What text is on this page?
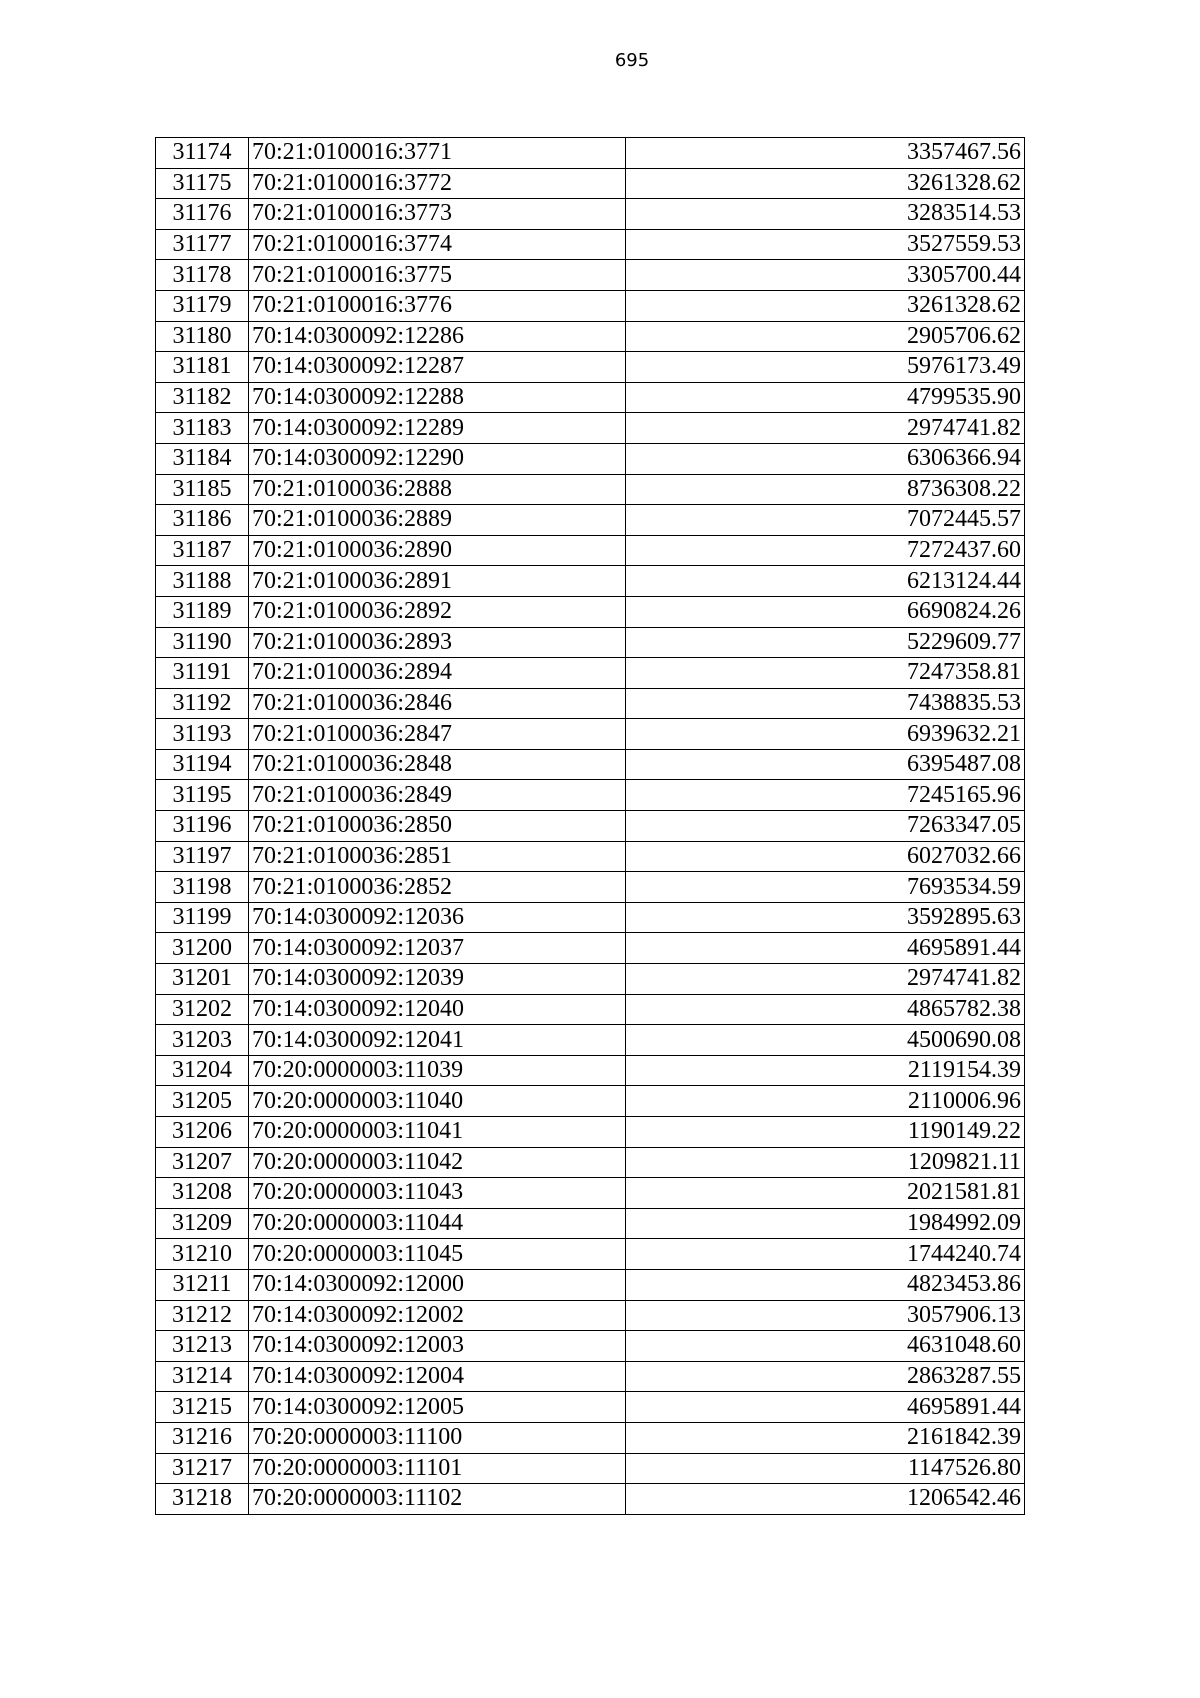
695
31174	70:21:0100016:3771	3357467.56
31175	70:21:0100016:3772	3261328.62
31176	70:21:0100016:3773	3283514.53
31177	70:21:0100016:3774	3527559.53
31178	70:21:0100016:3775	3305700.44
31179	70:21:0100016:3776	3261328.62
31180	70:14:0300092:12286	2905706.62
31181	70:14:0300092:12287	5976173.49
31182	70:14:0300092:12288	4799535.90
31183	70:14:0300092:12289	2974741.82
31184	70:14:0300092:12290	6306366.94
31185	70:21:0100036:2888	8736308.22
31186	70:21:0100036:2889	7072445.57
31187	70:21:0100036:2890	7272437.60
31188	70:21:0100036:2891	6213124.44
31189	70:21:0100036:2892	6690824.26
31190	70:21:0100036:2893	5229609.77
31191	70:21:0100036:2894	7247358.81
31192	70:21:0100036:2846	7438835.53
31193	70:21:0100036:2847	6939632.21
31194	70:21:0100036:2848	6395487.08
31195	70:21:0100036:2849	7245165.96
31196	70:21:0100036:2850	7263347.05
31197	70:21:0100036:2851	6027032.66
31198	70:21:0100036:2852	7693534.59
31199	70:14:0300092:12036	3592895.63
31200	70:14:0300092:12037	4695891.44
31201	70:14:0300092:12039	2974741.82
31202	70:14:0300092:12040	4865782.38
31203	70:14:0300092:12041	4500690.08
31204	70:20:0000003:11039	2119154.39
31205	70:20:0000003:11040	2110006.96
31206	70:20:0000003:11041	1190149.22
31207	70:20:0000003:11042	1209821.11
31208	70:20:0000003:11043	2021581.81
31209	70:20:0000003:11044	1984992.09
31210	70:20:0000003:11045	1744240.74
31211	70:14:0300092:12000	4823453.86
31212	70:14:0300092:12002	3057906.13
31213	70:14:0300092:12003	4631048.60
31214	70:14:0300092:12004	2863287.55
31215	70:14:0300092:12005	4695891.44
31216	70:20:0000003:11100	2161842.39
31217	70:20:0000003:11101	1147526.80
31218	70:20:0000003:11102	1206542.46
